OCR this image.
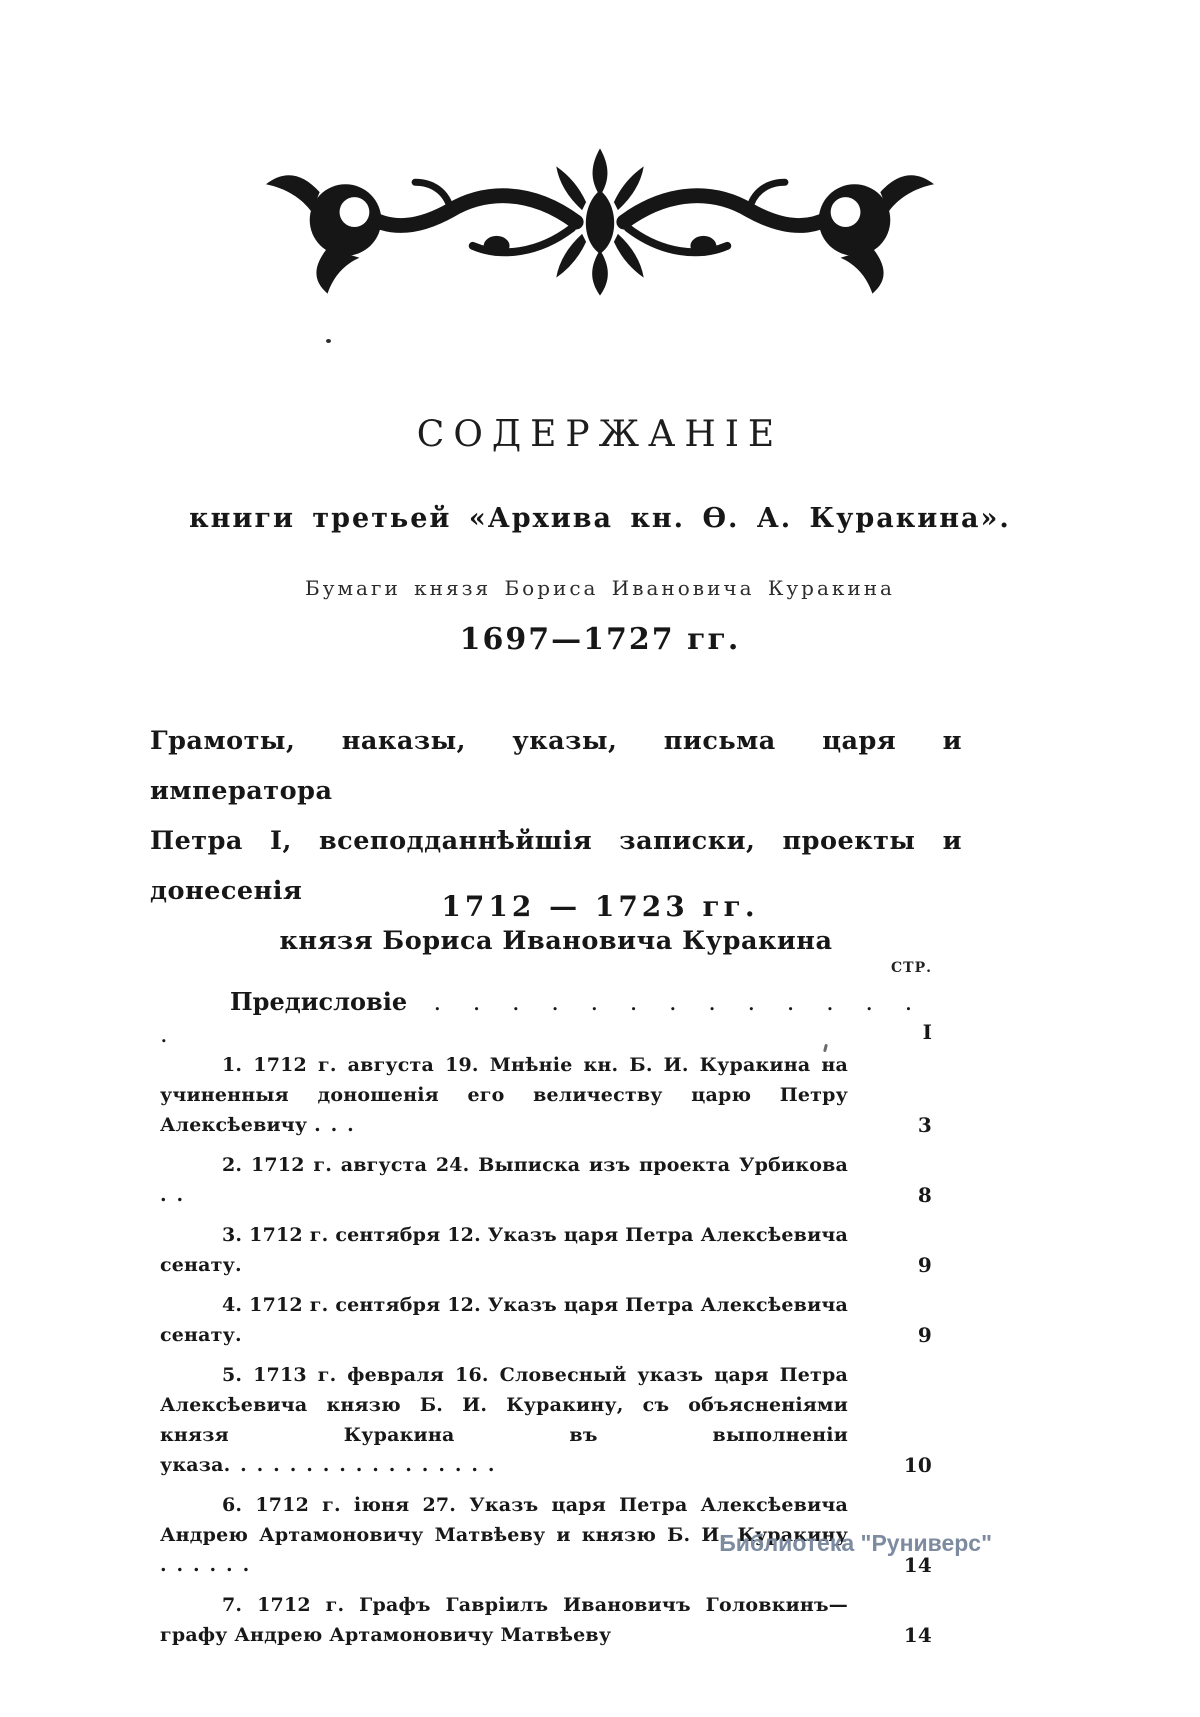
СОДЕРЖАНІЕ
книги третьей «Архива кн. Ѳ. А. Куракина».
Бумаги князя Бориса Ивановича Куракина
1697—1727 гг.
Грамоты, наказы, указы, письма царя и императора
Петра I, всеподданнѣйшія записки, проекты и донесенія
князя Бориса Ивановича Куракина
1712 — 1723 гг.
СТР.
Предисловіе . . . . . . . . . . . . . .	I
1. 1712 г. августа 19. Мнѣніе кн. Б. И. Куракина на учиненныя доношенія его величеству царю Петру Алексѣевичу . . .	3
2. 1712 г. августа 24. Выписка изъ проекта Урбикова . .	8
3. 1712 г. сентября 12. Указъ царя Петра Алексѣевича сенату.	9
4. 1712 г. сентября 12. Указъ царя Петра Алексѣевича сенату.	9
5. 1713 г. февраля 16. Словесный указъ царя Петра Алексѣевича князю Б. И. Куракину, съ объясненіями князя Куракина въ выполненіи указа. . . . . . . . . . . . . . . . .	10
6. 1712 г. іюня 27. Указъ царя Петра Алексѣевича Андрею Артамоновичу Матвѣеву и князю Б. И. Куракину . . . . . .	14
7. 1712 г. Графъ Гавріилъ Ивановичъ Головкинъ—графу Андрею Артамоновичу Матвѣеву	14
Библиотека "Руниверс"
